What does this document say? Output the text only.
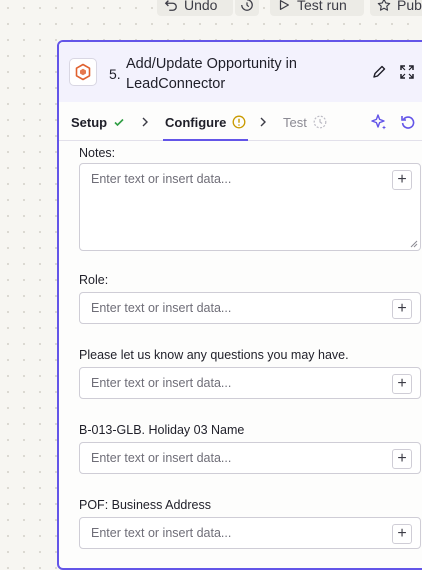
Undo	Test run	Pub
5.
Add/Update Opportunity in LeadConnector
Setup	Configure	Test
Notes:
Enter text or insert data...	+
Role:
Enter text or insert data...	+
Please let us know any questions you may have.
Enter text or insert data...	+
B-013-GLB. Holiday 03 Name
Enter text or insert data...	+
POF: Business Address
Enter text or insert data...	+
